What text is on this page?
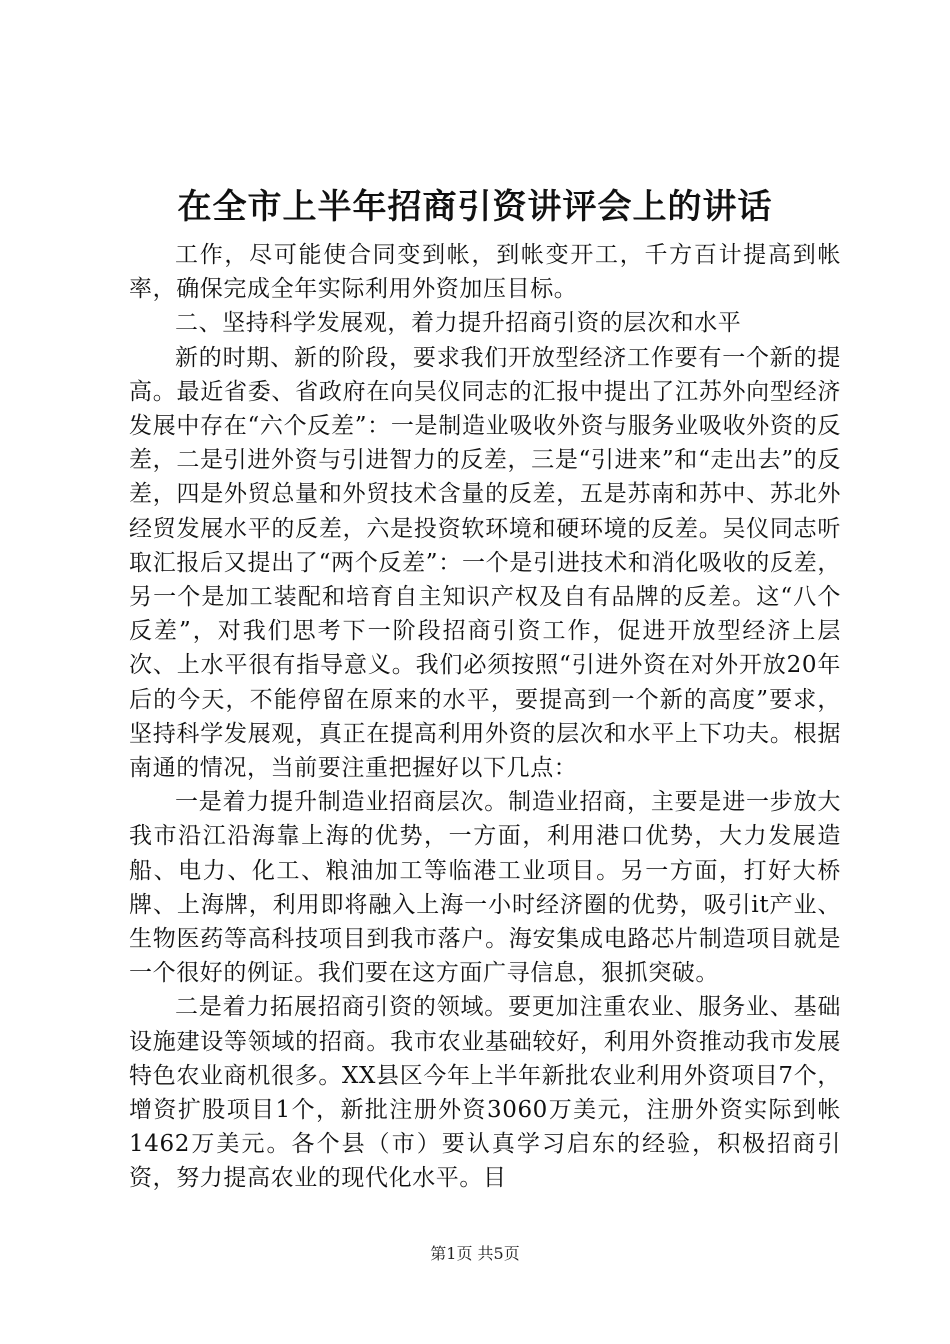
在全市上半年招商引资讲评会上的讲话

工作，尽可能使合同变到帐，到帐变开工，千方百计提高到帐率，确保完成全年实际利用外资加压目标。

二、坚持科学发展观，着力提升招商引资的层次和水平

新的时期、新的阶段，要求我们开放型经济工作要有一个新的提高。最近省委、省政府在向吴仪同志的汇报中提出了江苏外向型经济发展中存在“六个反差”：一是制造业吸收外资与服务业吸收外资的反差，二是引进外资与引进智力的反差，三是“引进来”和“走出去”的反差，四是外贸总量和外贸技术含量的反差，五是苏南和苏中、苏北外经贸发展水平的反差，六是投资软环境和硬环境的反差。吴仪同志听取汇报后又提出了“两个反差”：一个是引进技术和消化吸收的反差，另一个是加工装配和培育自主知识产权及自有品牌的反差。这“八个反差”，对我们思考下一阶段招商引资工作，促进开放型经济上层次、上水平很有指导意义。我们必须按照“引进外资在对外开放20年后的今天，不能停留在原来的水平，要提高到一个新的高度”要求，坚持科学发展观，真正在提高利用外资的层次和水平上下功夫。根据南通的情况，当前要注重把握好以下几点：

一是着力提升制造业招商层次。制造业招商，主要是进一步放大我市沿江沿海靠上海的优势，一方面，利用港口优势，大力发展造船、电力、化工、粮油加工等临港工业项目。另一方面，打好大桥牌、上海牌，利用即将融入上海一小时经济圈的优势，吸引it产业、生物医药等高科技项目到我市落户。海安集成电路芯片制造项目就是一个很好的例证。我们要在这方面广寻信息，狠抓突破。

二是着力拓展招商引资的领域。要更加注重农业、服务业、基础设施建设等领域的招商。我市农业基础较好，利用外资推动我市发展特色农业商机很多。XX县区今年上半年新批农业利用外资项目7个，增资扩股项目1个，新批注册外资3060万美元，注册外资实际到帐1462万美元。各个县（市）要认真学习启东的经验，积极招商引资，努力提高农业的现代化水平。目

第1页 共5页
